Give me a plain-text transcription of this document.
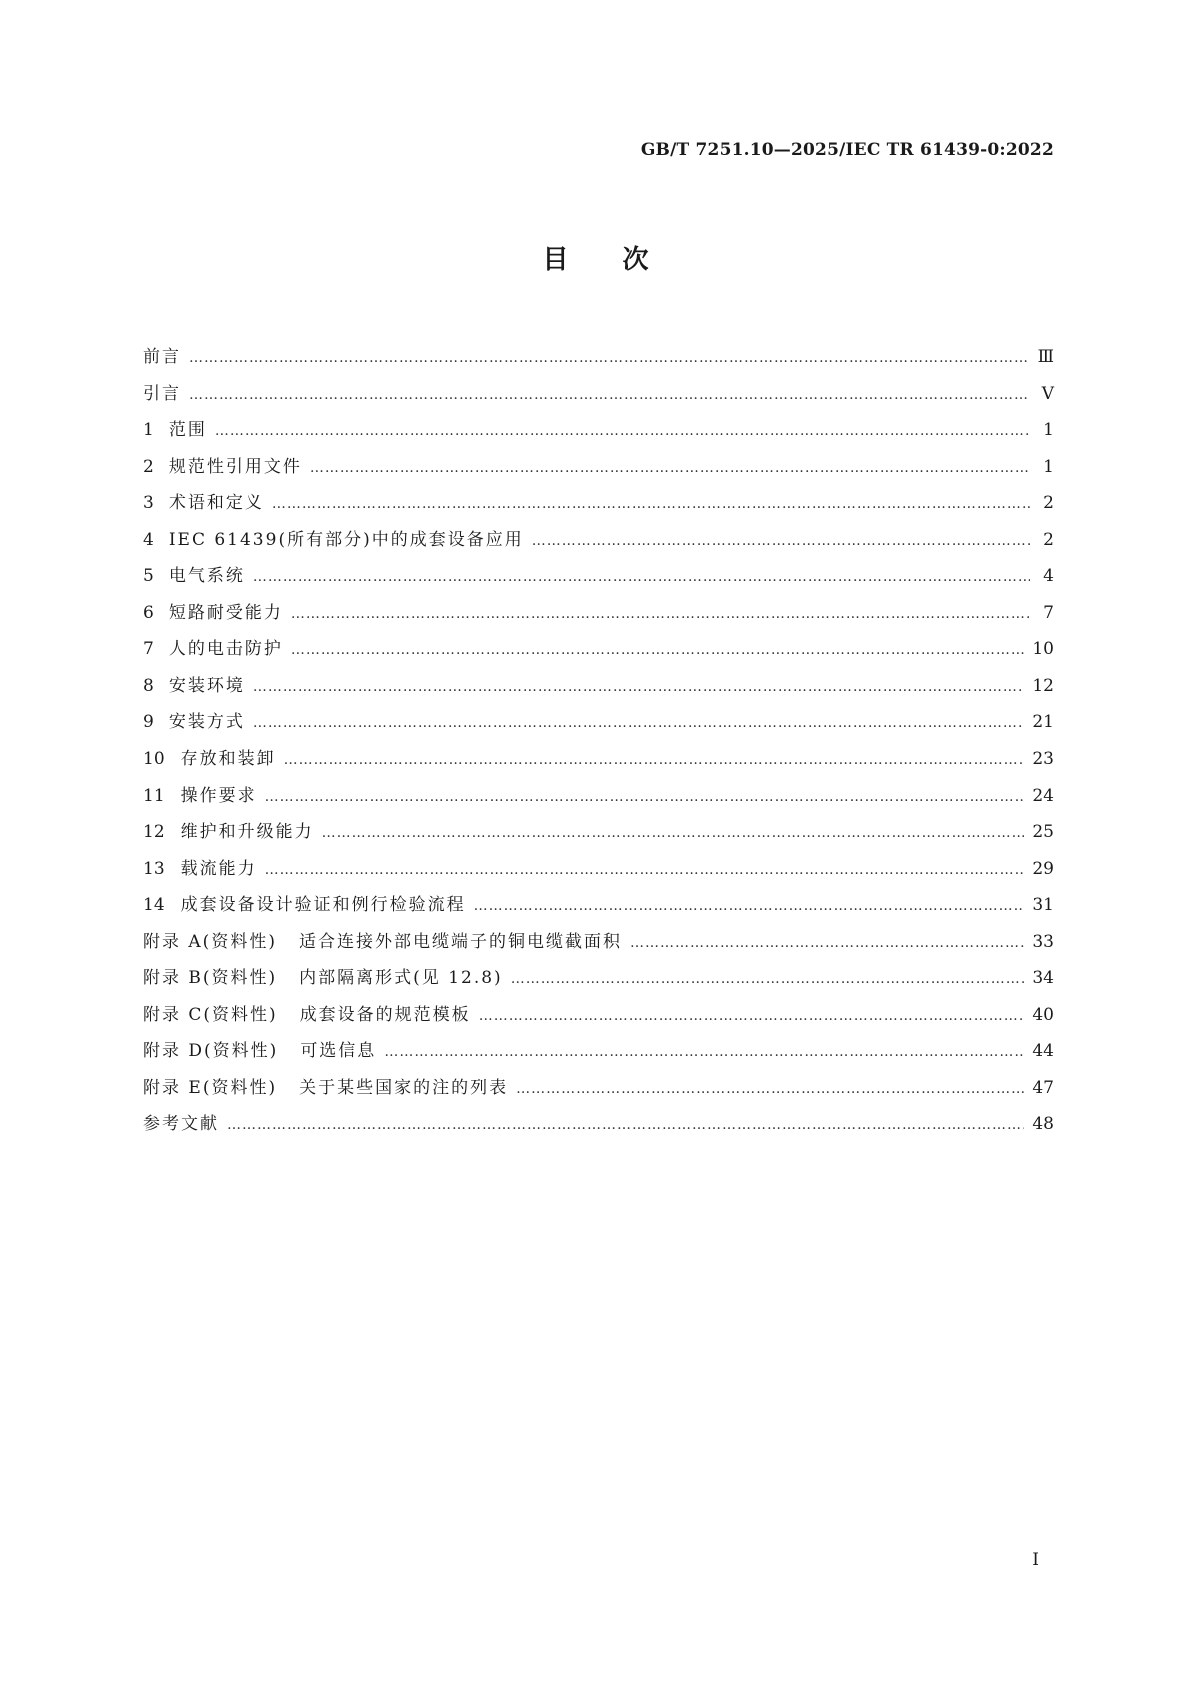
GB/T 7251.10—2025/IEC TR 61439-0:2022
目次
前言 …………………………………………………………………………………………………………………………………………………………………………………………………………………………	Ⅲ
引言 …………………………………………………………………………………………………………………………………………………………………………………………………………………………	Ⅴ
1 范围 …………………………………………………………………………………………………………………………………………………………………………………………………………………………	1
2 规范性引用文件 …………………………………………………………………………………………………………………………………………………………………………………………………………………………	1
3 术语和定义 …………………………………………………………………………………………………………………………………………………………………………………………………………………………	2
4 IEC 61439(所有部分)中的成套设备应用 …………………………………………………………………………………………………………………………………………………………………………………………………………………………	2
5 电气系统 …………………………………………………………………………………………………………………………………………………………………………………………………………………………	4
6 短路耐受能力 …………………………………………………………………………………………………………………………………………………………………………………………………………………………	7
7 人的电击防护 …………………………………………………………………………………………………………………………………………………………………………………………………………………………	10
8 安装环境 …………………………………………………………………………………………………………………………………………………………………………………………………………………………	12
9 安装方式 …………………………………………………………………………………………………………………………………………………………………………………………………………………………	21
10 存放和装卸 …………………………………………………………………………………………………………………………………………………………………………………………………………………………	23
11 操作要求 …………………………………………………………………………………………………………………………………………………………………………………………………………………………	24
12 维护和升级能力 …………………………………………………………………………………………………………………………………………………………………………………………………………………………	25
13 载流能力 …………………………………………………………………………………………………………………………………………………………………………………………………………………………	29
14 成套设备设计验证和例行检验流程 …………………………………………………………………………………………………………………………………………………………………………………………………………………………	31
附录 A(资料性) 适合连接外部电缆端子的铜电缆截面积 …………………………………………………………………………………………………………………………………………………………………………………………………………………………	33
附录 B(资料性) 内部隔离形式(见 12.8) …………………………………………………………………………………………………………………………………………………………………………………………………………………………	34
附录 C(资料性) 成套设备的规范模板 …………………………………………………………………………………………………………………………………………………………………………………………………………………………	40
附录 D(资料性) 可选信息 …………………………………………………………………………………………………………………………………………………………………………………………………………………………	44
附录 E(资料性) 关于某些国家的注的列表 …………………………………………………………………………………………………………………………………………………………………………………………………………………………	47
参考文献 …………………………………………………………………………………………………………………………………………………………………………………………………………………………	48
Ⅰ
